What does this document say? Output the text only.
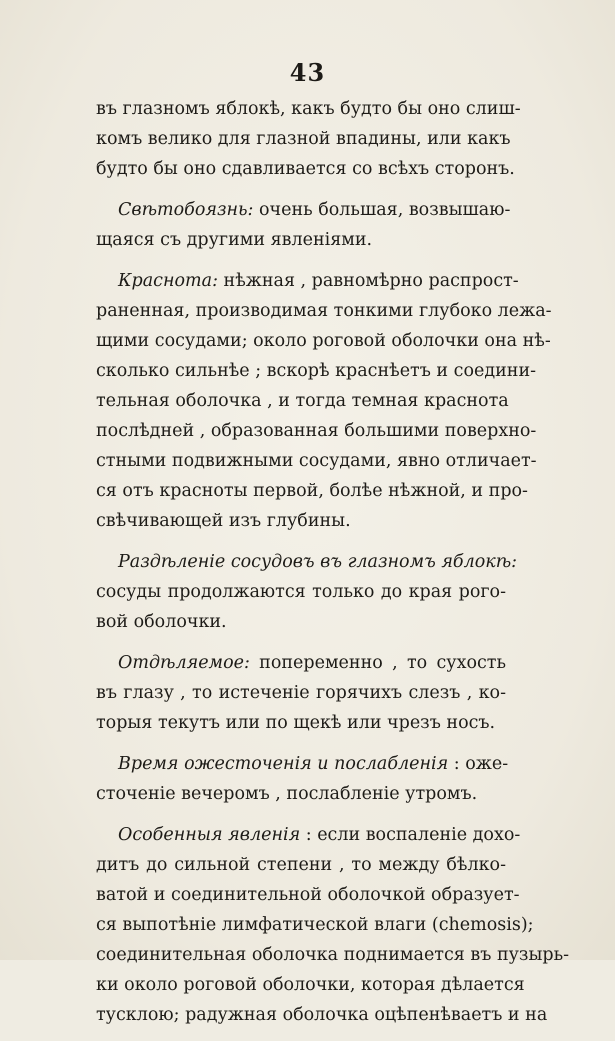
43
въ глазномъ яблокѣ, какъ будто бы оно слиш-
комъ велико для глазной впадины, или какъ
будто бы оно сдавливается со всѣхъ сторонъ.
Свѣтобоязнь: очень большая, возвышаю-
щаяся съ другими явленіями.
Краснота: нѣжная , равномѣрно распрост-
раненная, производимая тонкими глубоко лежа-
щими сосудами; около роговой оболочки она нѣ-
сколько сильнѣе ; вскорѣ краснѣетъ и соедини-
тельная оболочка , и тогда темная краснота
послѣдней , образованная большими поверхно-
стными подвижными сосудами, явно отличает-
ся отъ красноты первой, болѣе нѣжной, и про-
свѣчивающей изъ глубины.
Раздѣленіе сосудовъ въ глазномъ яблокѣ:
сосуды продолжаются только до края рого-
вой оболочки.
Отдѣляемое: попеременно , то сухость
въ глазу , то истеченіе горячихъ слезъ , ко-
торыя текутъ или по щекѣ или чрезъ носъ.
Время ожесточенія и послабленія : оже-
сточеніе вечеромъ , послабленіе утромъ.
Особенныя явленія : если воспаленіе дохо-
дитъ до сильной степени , то между бѣлко-
ватой и соединительной оболочкой образует-
ся выпотѣніе лимфатической влаги (chemosis);
соединительная оболочка поднимается въ пузырь-
ки около роговой оболочки, которая дѣлается
тусклою; радужная оболочка оцѣпенѣваетъ и на
